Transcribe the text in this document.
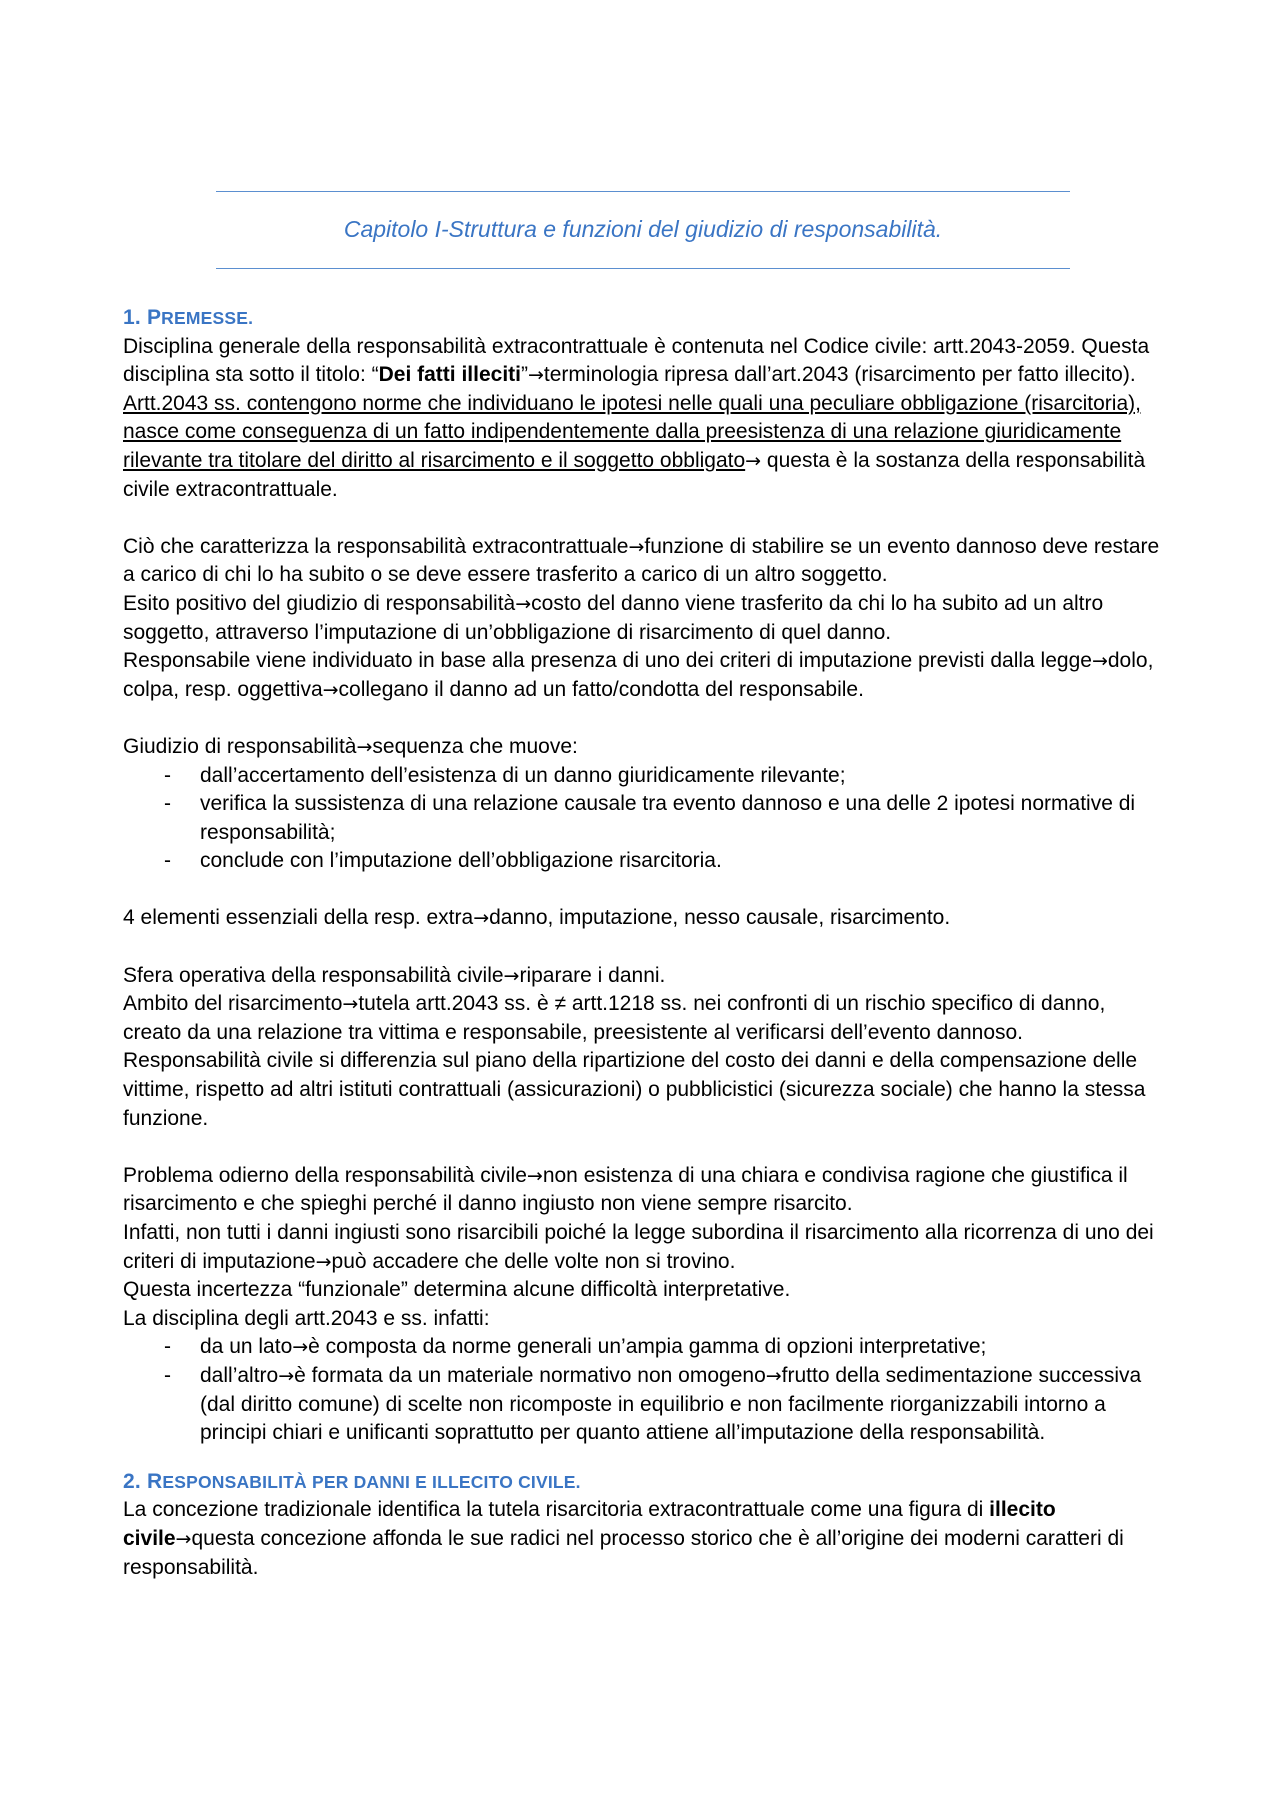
Capitolo I-Struttura e funzioni del giudizio di responsabilità.
1. PREMESSE.

Disciplina generale della responsabilità extracontrattuale è contenuta nel Codice civile: artt.2043-2059. Questa disciplina sta sotto il titolo: “Dei fatti illeciti”→terminologia ripresa dall’art.2043 (risarcimento per fatto illecito).

Artt.2043 ss. contengono norme che individuano le ipotesi nelle quali una peculiare obbligazione (risarcitoria), nasce come conseguenza di un fatto indipendentemente dalla preesistenza di una relazione giuridicamente rilevante tra titolare del diritto al risarcimento e il soggetto obbligato→ questa è la sostanza della responsabilità civile extracontrattuale.

Ciò che caratterizza la responsabilità extracontrattuale→funzione di stabilire se un evento dannoso deve restare a carico di chi lo ha subito o se deve essere trasferito a carico di un altro soggetto.
Esito positivo del giudizio di responsabilità→costo del danno viene trasferito da chi lo ha subito ad un altro soggetto, attraverso l’imputazione di un’obbligazione di risarcimento di quel danno.
Responsabile viene individuato in base alla presenza di uno dei criteri di imputazione previsti dalla legge→dolo, colpa, resp. oggettiva→collegano il danno ad un fatto/condotta del responsabile.

Giudizio di responsabilità→sequenza che muove:

- dall’accertamento dell’esistenza di un danno giuridicamente rilevante;
- verifica la sussistenza di una relazione causale tra evento dannoso e una delle 2 ipotesi normative di responsabilità;
- conclude con l’imputazione dell’obbligazione risarcitoria.

4 elementi essenziali della resp. extra→danno, imputazione, nesso causale, risarcimento.

Sfera operativa della responsabilità civile→riparare i danni.
Ambito del risarcimento→tutela artt.2043 ss. è ≠ artt.1218 ss. nei confronti di un rischio specifico di danno, creato da una relazione tra vittima e responsabile, preesistente al verificarsi dell’evento dannoso.
Responsabilità civile si differenzia sul piano della ripartizione del costo dei danni e della compensazione delle vittime, rispetto ad altri istituti contrattuali (assicurazioni) o pubblicistici (sicurezza sociale) che hanno la stessa funzione.

Problema odierno della responsabilità civile→non esistenza di una chiara e condivisa ragione che giustifica il risarcimento e che spieghi perché il danno ingiusto non viene sempre risarcito.
Infatti, non tutti i danni ingiusti sono risarcibili poiché la legge subordina il risarcimento alla ricorrenza di uno dei criteri di imputazione→può accadere che delle volte non si trovino.
Questa incertezza “funzionale” determina alcune difficoltà interpretative.
La disciplina degli artt.2043 e ss. infatti:

- da un lato→è composta da norme generali un’ampia gamma di opzioni interpretative;
- dall’altro→è formata da un materiale normativo non omogeno→frutto della sedimentazione successiva (dal diritto comune) di scelte non ricomposte in equilibrio e non facilmente riorganizzabili intorno a principi chiari e unificanti soprattutto per quanto attiene all’imputazione della responsabilità.
2. RESPONSABILITÀ PER DANNI E ILLECITO CIVILE.

La concezione tradizionale identifica la tutela risarcitoria extracontrattuale come una figura di illecito civile→questa concezione affonda le sue radici nel processo storico che è all’origine dei moderni caratteri di responsabilità.
